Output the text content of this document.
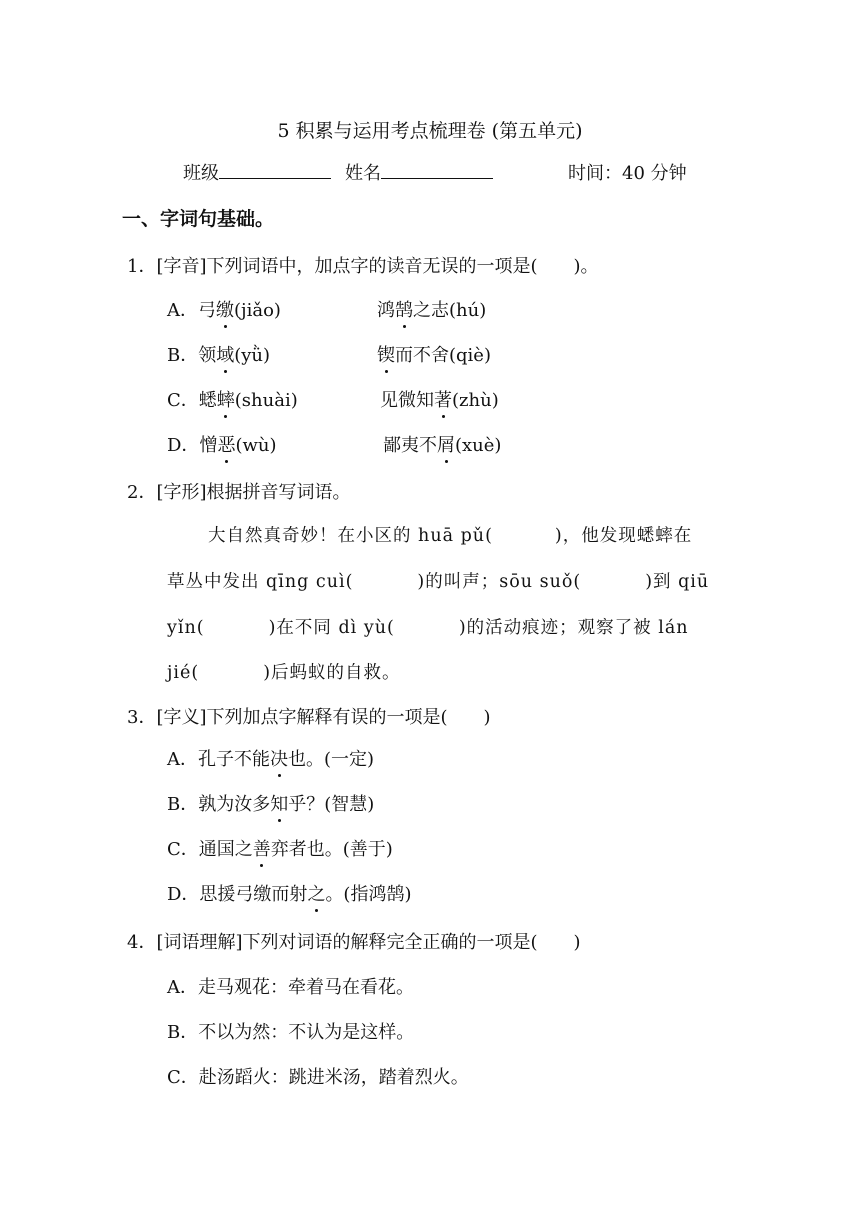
5 积累与运用考点梳理卷 (第五单元)
班级	姓名	时间：40 分钟
一、字词句基础。
1．[字音]下列词语中，加点字的读音无误的一项是(　　)。
A．弓缴(jiǎo)	鸿鹄之志(hú)
B．领域(yǜ)	锲而不舍(qiè)
C．蟋蟀(shuài)	见微知著(zhù)
D．憎恶(wù)	鄙夷不屑(xuè)
2．[字形]根据拼音写词语。
大自然真奇妙！在小区的 huā pǔ(	)，他发现蟋蟀在
草丛中发出 qīng cuì(	)的叫声；sōu suǒ(	)到 qiū
yǐn(	)在不同 dì yù(	)的活动痕迹；观察了被 lán
jié(	)后蚂蚁的自救。
3．[字义]下列加点字解释有误的一项是(　　)
A．孔子不能决也。(一定)
B．孰为汝多知乎？(智慧)
C．通国之善弈者也。(善于)
D．思援弓缴而射之。(指鸿鹄)
4．[词语理解]下列对词语的解释完全正确的一项是(　　)
A．走马观花：牵着马在看花。
B．不以为然：不认为是这样。
C．赴汤蹈火：跳进米汤，踏着烈火。
